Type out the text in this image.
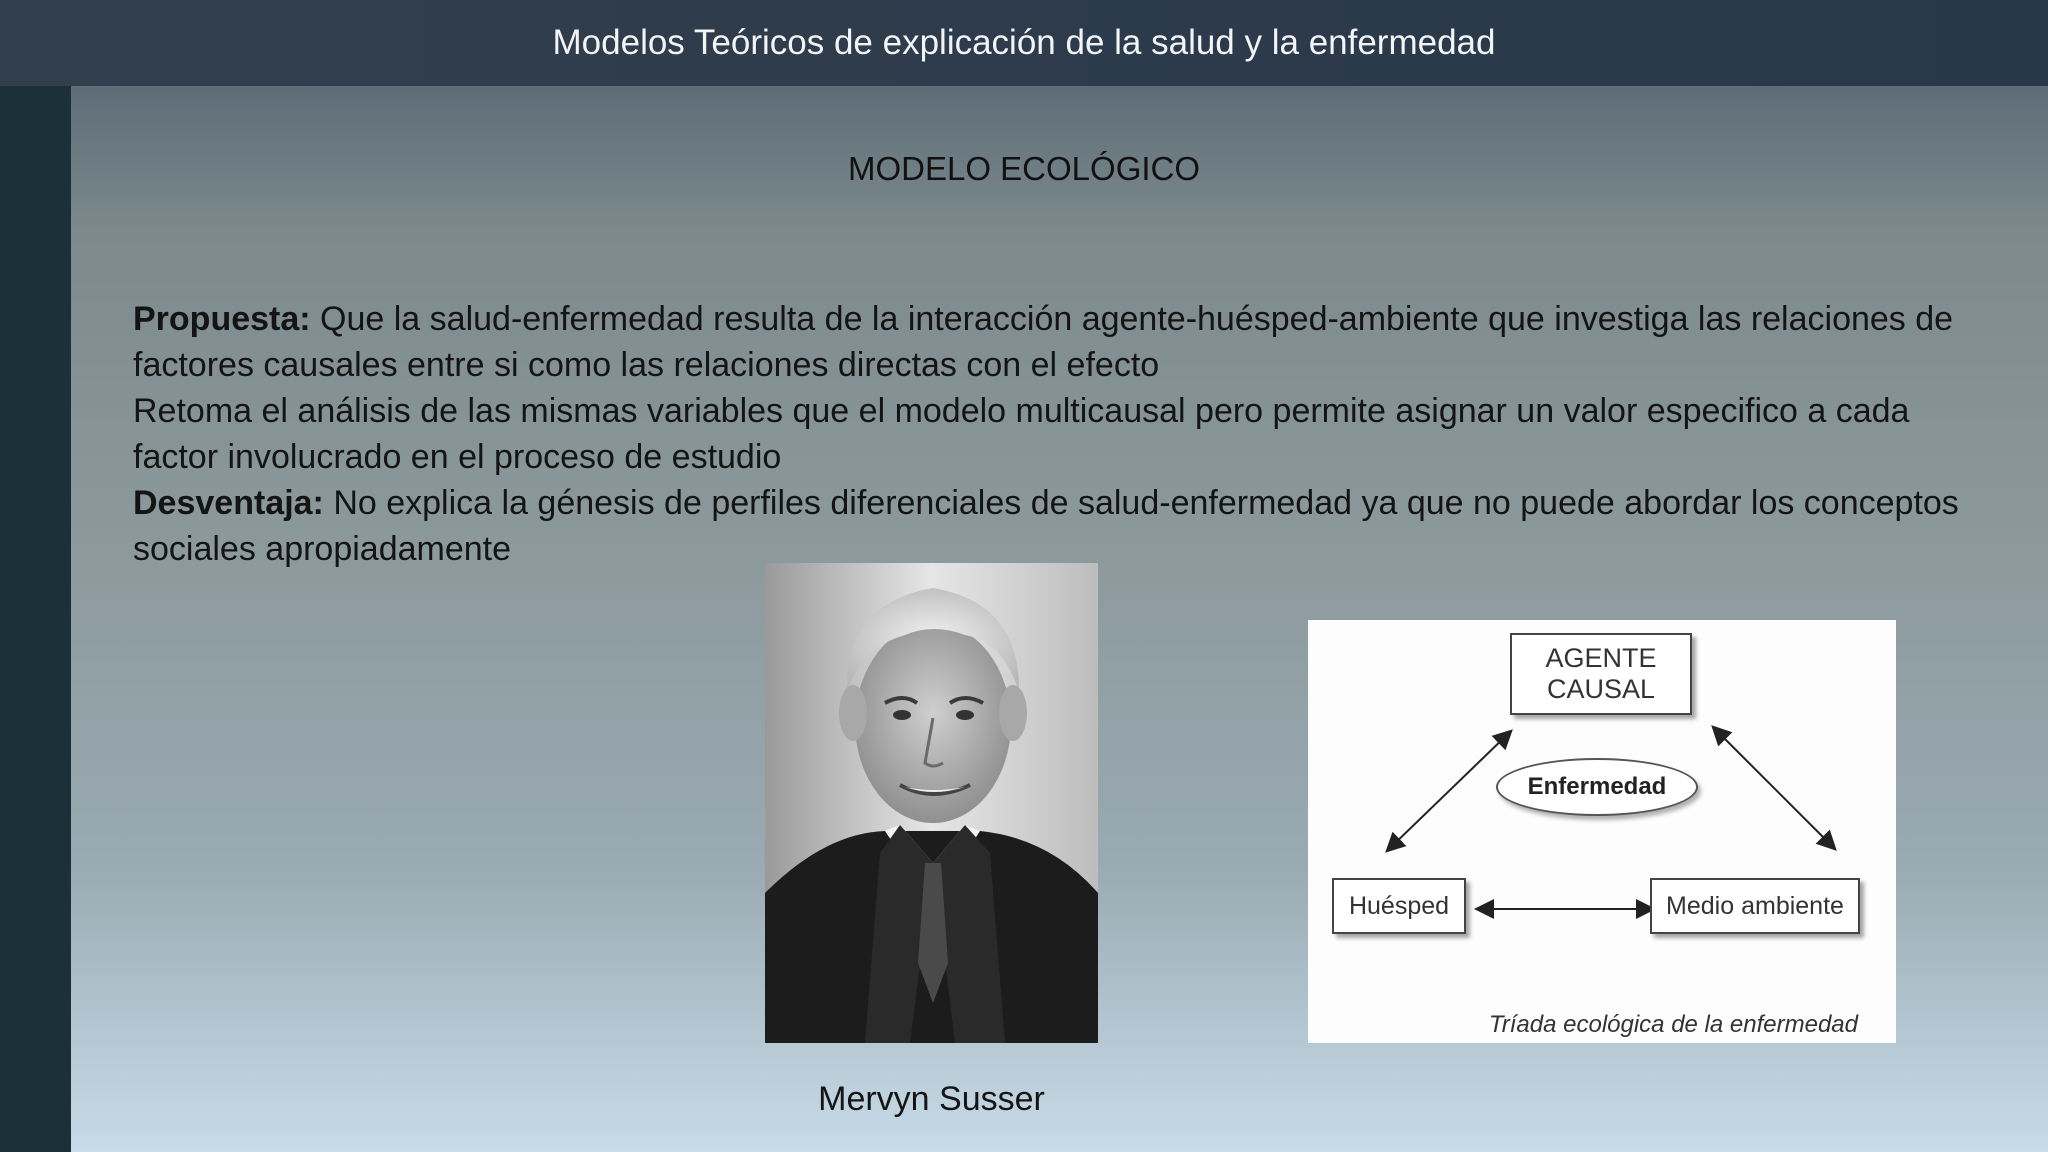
Modelos Teóricos de explicación de la salud y la enfermedad
MODELO ECOLÓGICO
Propuesta: Que la salud-enfermedad resulta de la interacción agente-huésped-ambiente que investiga las relaciones de factores causales entre si como las relaciones directas con el efecto
Retoma el análisis de las mismas variables que el modelo multicausal pero permite asignar un valor especifico a cada factor involucrado en el proceso de estudio
Desventaja: No explica la génesis de perfiles diferenciales de salud-enfermedad ya que no puede abordar los conceptos sociales apropiadamente
Mervyn Susser
AGENTE
CAUSAL
Enfermedad
Huésped	Medio ambiente
Tríada ecológica de la enfermedad
